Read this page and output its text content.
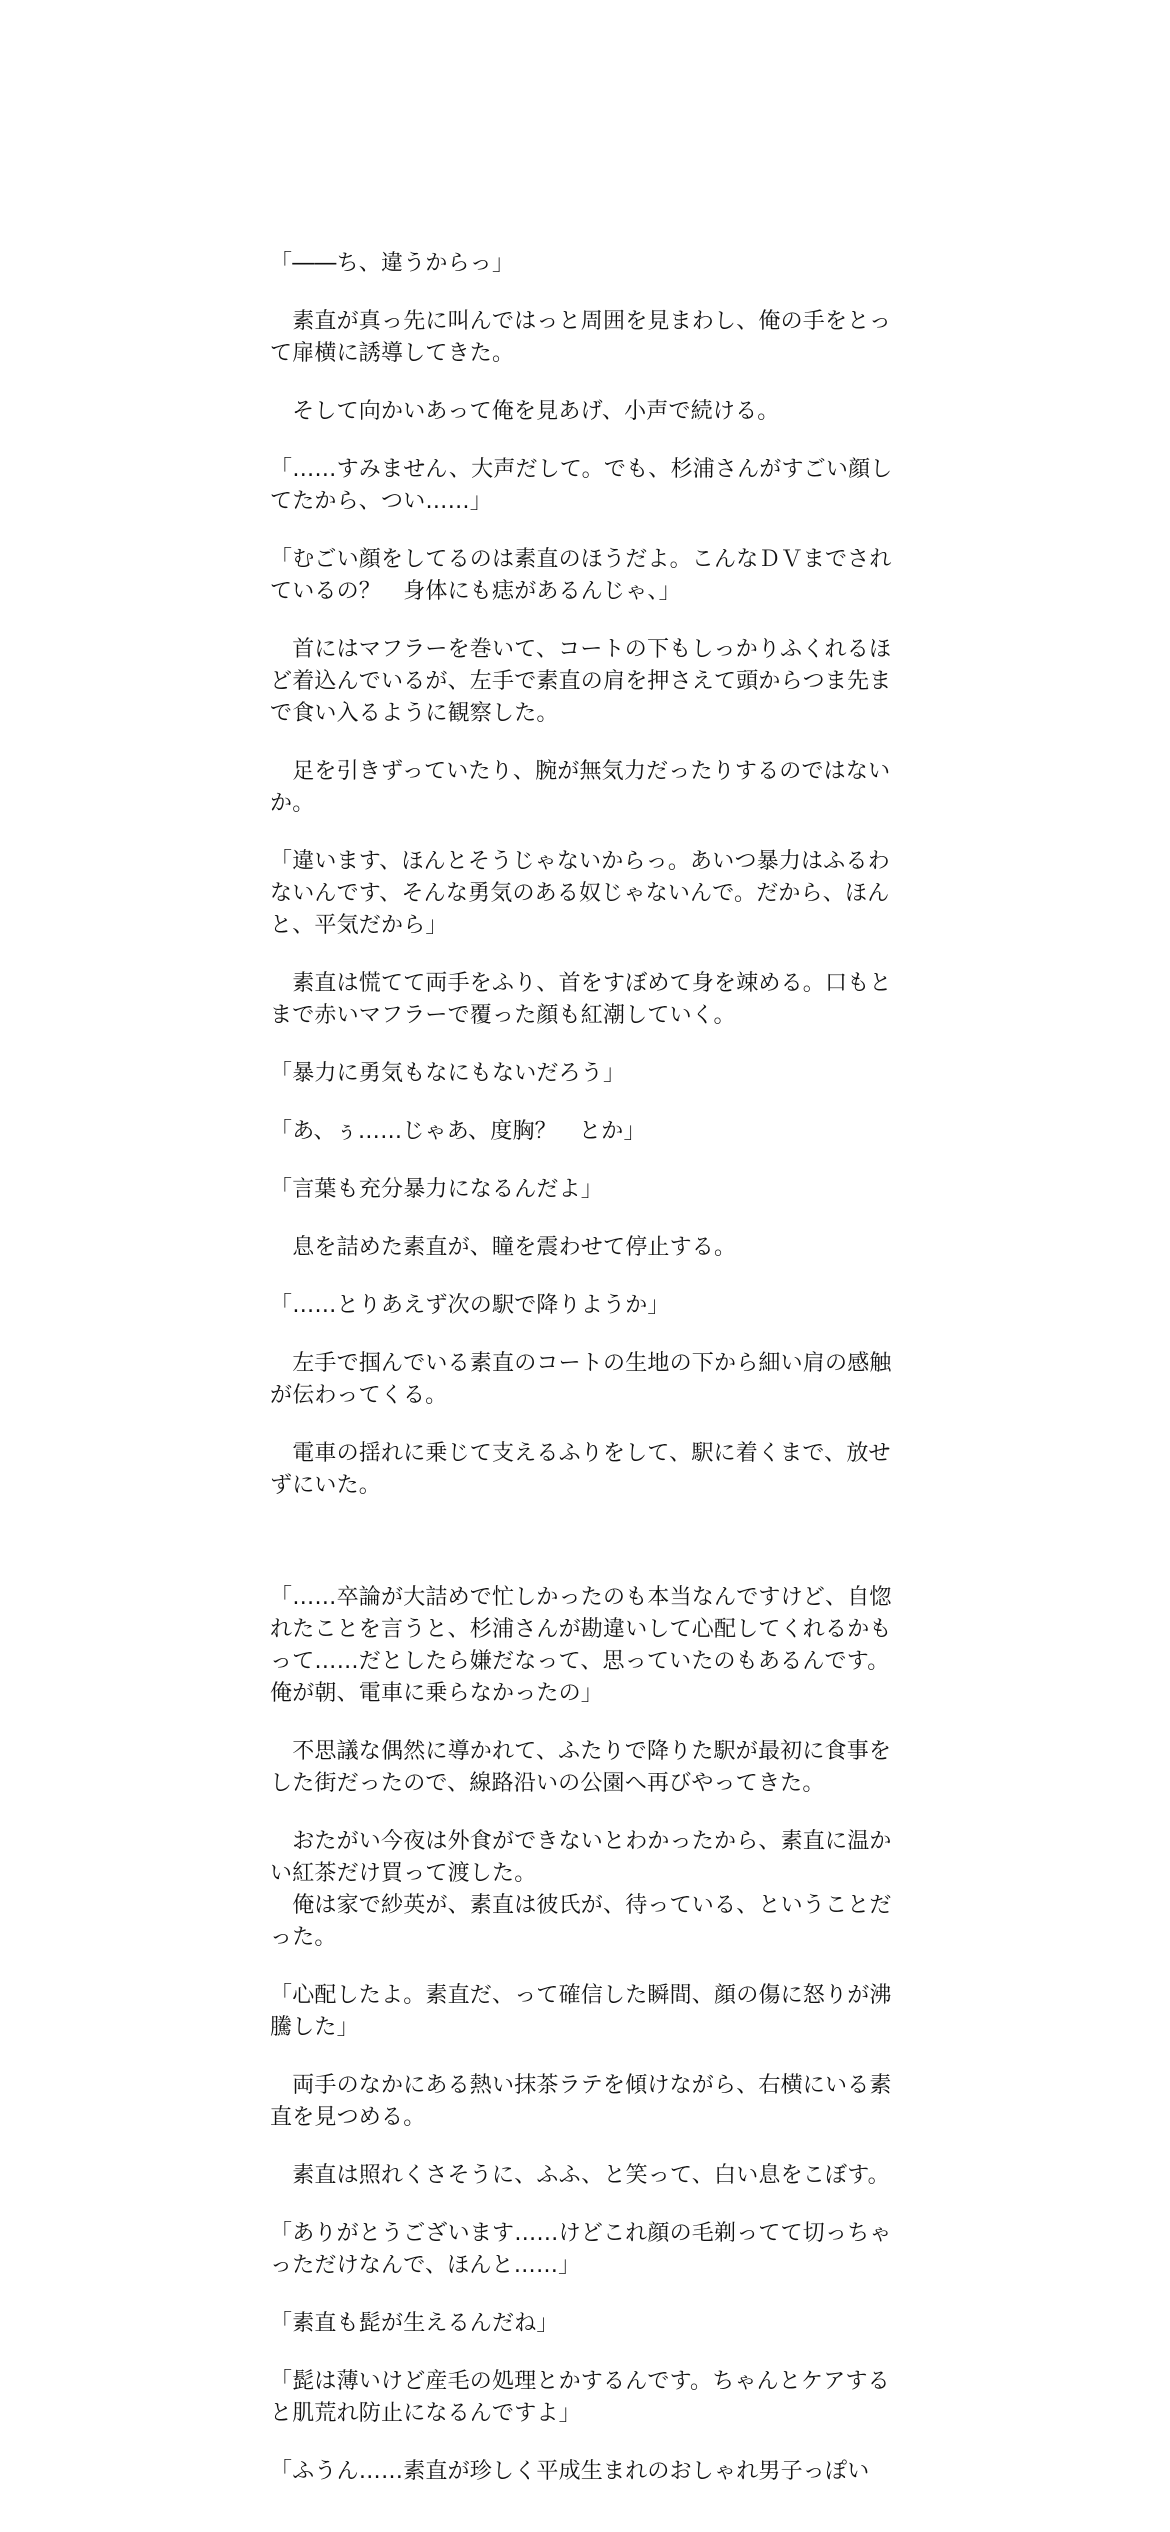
「――ち、違うからっ」

　素直が真っ先に叫んではっと周囲を見まわし、俺の手をとって扉横に誘導してきた。

　そして向かいあって俺を見あげ、小声で続ける。

「……すみません、大声だして。でも、杉浦さんがすごい顔してたから、つい……」

「むごい顔をしてるのは素直のほうだよ。こんなＤＶまでされているの？　身体にも痣があるんじゃ、」

　首にはマフラーを巻いて、コートの下もしっかりふくれるほど着込んでいるが、左手で素直の肩を押さえて頭からつま先まで食い入るように観察した。

　足を引きずっていたり、腕が無気力だったりするのではないか。

「違います、ほんとそうじゃないからっ。あいつ暴力はふるわないんです、そんな勇気のある奴じゃないんで。だから、ほんと、平気だから」

　素直は慌てて両手をふり、首をすぼめて身を竦める。口もとまで赤いマフラーで覆った顔も紅潮していく。

「暴力に勇気もなにもないだろう」

「あ、ぅ……じゃあ、度胸？　とか」

「言葉も充分暴力になるんだよ」

　息を詰めた素直が、瞳を震わせて停止する。

「……とりあえず次の駅で降りようか」

　左手で掴んでいる素直のコートの生地の下から細い肩の感触が伝わってくる。

　電車の揺れに乗じて支えるふりをして、駅に着くまで、放せずにいた。

「……卒論が大詰めで忙しかったのも本当なんですけど、自惚れたことを言うと、杉浦さんが勘違いして心配してくれるかもって……だとしたら嫌だなって、思っていたのもあるんです。俺が朝、電車に乗らなかったの」

　不思議な偶然に導かれて、ふたりで降りた駅が最初に食事をした街だったので、線路沿いの公園へ再びやってきた。

　おたがい今夜は外食ができないとわかったから、素直に温かい紅茶だけ買って渡した。
　俺は家で紗英が、素直は彼氏が、待っている、ということだった。

「心配したよ。素直だ、って確信した瞬間、顔の傷に怒りが沸騰した」

　両手のなかにある熱い抹茶ラテを傾けながら、右横にいる素直を見つめる。

　素直は照れくさそうに、ふふ、と笑って、白い息をこぼす。

「ありがとうございます……けどこれ顔の毛剃ってて切っちゃっただけなんで、ほんと……」

「素直も髭が生えるんだね」

「髭は薄いけど産毛の処理とかするんです。ちゃんとケアすると肌荒れ防止になるんですよ」

「ふうん……素直が珍しく平成生まれのおしゃれ男子っぽい
